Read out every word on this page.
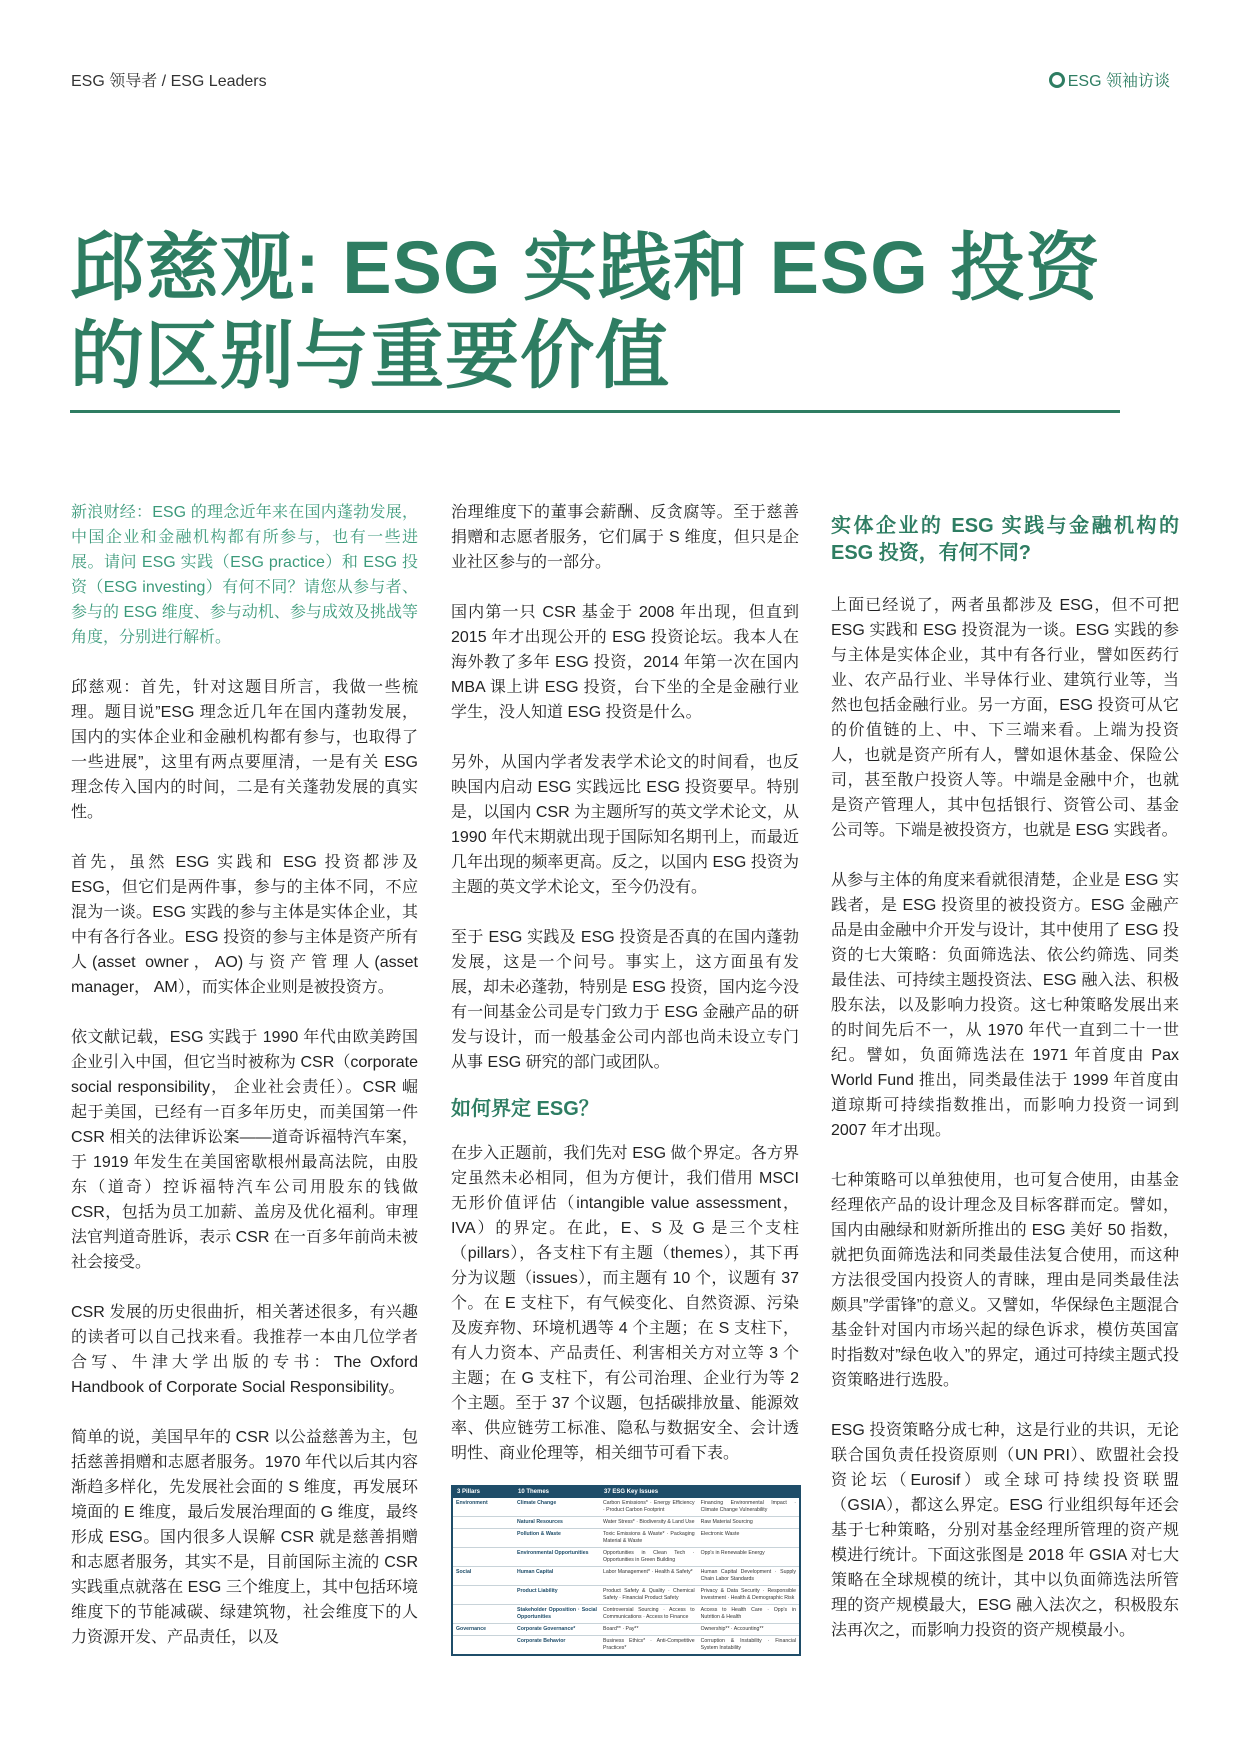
ESG 领导者 / ESG Leaders	ESG 领袖访谈
邱慈观: ESG 实践和 ESG 投资
的区别与重要价值

新浪财经：ESG 的理念近年来在国内蓬勃发展，中国企业和金融机构都有所参与，也有一些进展。请问 ESG 实践（ESG practice）和 ESG 投资（ESG investing）有何不同？请您从参与者、参与的 ESG 维度、参与动机、参与成效及挑战等角度，分别进行解析。

邱慈观：首先，针对这题目所言，我做一些梳理。题目说”ESG 理念近几年在国内蓬勃发展，国内的实体企业和金融机构都有参与，也取得了一些进展”，这里有两点要厘清，一是有关 ESG 理念传入国内的时间，二是有关蓬勃发展的真实性。

首先，虽然 ESG 实践和 ESG 投资都涉及 ESG，但它们是两件事，参与的主体不同，不应混为一谈。ESG 实践的参与主体是实体企业，其中有各行各业。ESG 投资的参与主体是资产所有人(asset owner，AO)与资产管理人(asset manager， AM），而实体企业则是被投资方。

依文献记载，ESG 实践于 1990 年代由欧美跨国企业引入中国，但它当时被称为 CSR（corporate social responsibility， 企业社会责任）。CSR 崛起于美国，已经有一百多年历史，而美国第一件 CSR 相关的法律诉讼案——道奇诉福特汽车案，于 1919 年发生在美国密歇根州最高法院，由股东（道奇）控诉福特汽车公司用股东的钱做 CSR，包括为员工加薪、盖房及优化福利。审理法官判道奇胜诉，表示 CSR 在一百多年前尚未被社会接受。

CSR 发展的历史很曲折，相关著述很多，有兴趣的读者可以自己找来看。我推荐一本由几位学者合写、牛津大学出版的专书：The Oxford Handbook of Corporate Social Responsibility。

简单的说，美国早年的 CSR 以公益慈善为主，包括慈善捐赠和志愿者服务。1970 年代以后其内容渐趋多样化，先发展社会面的 S 维度，再发展环境面的 E 维度，最后发展治理面的 G 维度，最终形成 ESG。国内很多人误解 CSR 就是慈善捐赠和志愿者服务，其实不是，目前国际主流的 CSR 实践重点就落在 ESG 三个维度上，其中包括环境维度下的节能减碳、绿建筑物，社会维度下的人力资源开发、产品责任，以及

治理维度下的董事会薪酬、反贪腐等。至于慈善捐赠和志愿者服务，它们属于 S 维度，但只是企业社区参与的一部分。

国内第一只 CSR 基金于 2008 年出现，但直到 2015 年才出现公开的 ESG 投资论坛。我本人在海外教了多年 ESG 投资，2014 年第一次在国内 MBA 课上讲 ESG 投资，台下坐的全是金融行业学生，没人知道 ESG 投资是什么。

另外，从国内学者发表学术论文的时间看，也反映国内启动 ESG 实践远比 ESG 投资要早。特别是，以国内 CSR 为主题所写的英文学术论文，从 1990 年代末期就出现于国际知名期刊上，而最近几年出现的频率更高。反之，以国内 ESG 投资为主题的英文学术论文，至今仍没有。

至于 ESG 实践及 ESG 投资是否真的在国内蓬勃发展，这是一个问号。事实上，这方面虽有发展，却未必蓬勃，特别是 ESG 投资，国内迄今没有一间基金公司是专门致力于 ESG 金融产品的研发与设计，而一般基金公司内部也尚未设立专门从事 ESG 研究的部门或团队。

如何界定 ESG？

在步入正题前，我们先对 ESG 做个界定。各方界定虽然未必相同，但为方便计，我们借用 MSCI 无形价值评估（intangible value assessment， IVA）的界定。在此，E、S 及 G 是三个支柱（pillars），各支柱下有主题（themes），其下再分为议题（issues），而主题有 10 个，议题有 37 个。在 E 支柱下，有气候变化、自然资源、污染及废弃物、环境机遇等 4 个主题；在 S 支柱下，有人力资本、产品责任、利害相关方对立等 3 个主题；在 G 支柱下，有公司治理、企业行为等 2 个主题。至于 37 个议题，包括碳排放量、能源效率、供应链劳工标准、隐私与数据安全、会计透明性、商业伦理等，相关细节可看下表。

3 Pillars	10 Themes	37 ESG Key Issues	
Environment	Climate Change	Carbon Emissions* · Energy Efficiency · Product Carbon Footprint	Financing Environmental Impact · Climate Change Vulnerability
	Natural Resources	Water Stress* · Biodiversity & Land Use	Raw Material Sourcing
	Pollution & Waste	Toxic Emissions & Waste* · Packaging Material & Waste	Electronic Waste
	Environmental Opportunities	Opportunities in Clean Tech · Opportunities in Green Building	Opp's in Renewable Energy
Social	Human Capital	Labor Management* · Health & Safety*	Human Capital Development · Supply Chain Labor Standards
	Product Liability	Product Safety & Quality · Chemical Safety · Financial Product Safety	Privacy & Data Security · Responsible Investment · Health & Demographic Risk
	Stakeholder Opposition · Social Opportunities	Controversial Sourcing · Access to Communications · Access to Finance	Access to Health Care · Opp's in Nutrition & Health
Governance	Corporate Governance*	Board** · Pay**	Ownership** · Accounting**
	Corporate Behavior	Business Ethics* · Anti-Competitive Practices*	Corruption & Instability · Financial System Instability
实体企业的 ESG 实践与金融机构的 ESG 投资，有何不同?

上面已经说了，两者虽都涉及 ESG，但不可把 ESG 实践和 ESG 投资混为一谈。ESG 实践的参与主体是实体企业，其中有各行业，譬如医药行业、农产品行业、半导体行业、建筑行业等，当然也包括金融行业。另一方面，ESG 投资可从它的价值链的上、中、下三端来看。上端为投资人，也就是资产所有人，譬如退休基金、保险公司，甚至散户投资人等。中端是金融中介，也就是资产管理人，其中包括银行、资管公司、基金公司等。下端是被投资方，也就是 ESG 实践者。

从参与主体的角度来看就很清楚，企业是 ESG 实践者，是 ESG 投资里的被投资方。ESG 金融产品是由金融中介开发与设计，其中使用了 ESG 投资的七大策略：负面筛选法、依公约筛选、同类最佳法、可持续主题投资法、ESG 融入法、积极股东法，以及影响力投资。这七种策略发展出来的时间先后不一，从 1970 年代一直到二十一世纪。譬如，负面筛选法在 1971 年首度由 Pax World Fund 推出，同类最佳法于 1999 年首度由道琼斯可持续指数推出，而影响力投资一词到 2007 年才出现。

七种策略可以单独使用，也可复合使用，由基金经理依产品的设计理念及目标客群而定。譬如，国内由融绿和财新所推出的 ESG 美好 50 指数，就把负面筛选法和同类最佳法复合使用，而这种方法很受国内投资人的青睐，理由是同类最佳法颇具”学雷锋”的意义。又譬如，华保绿色主题混合基金针对国内市场兴起的绿色诉求，模仿英国富时指数对”绿色收入”的界定，通过可持续主题式投资策略进行选股。

ESG 投资策略分成七种，这是行业的共识，无论联合国负责任投资原则（UN PRI）、欧盟社会投资论坛（Eurosif）或全球可持续投资联盟（GSIA），都这么界定。ESG 行业组织每年还会基于七种策略，分别对基金经理所管理的资产规模进行统计。下面这张图是 2018 年 GSIA 对七大策略在全球规模的统计，其中以负面筛选法所管理的资产规模最大，ESG 融入法次之，积极股东法再次之，而影响力投资的资产规模最小。
